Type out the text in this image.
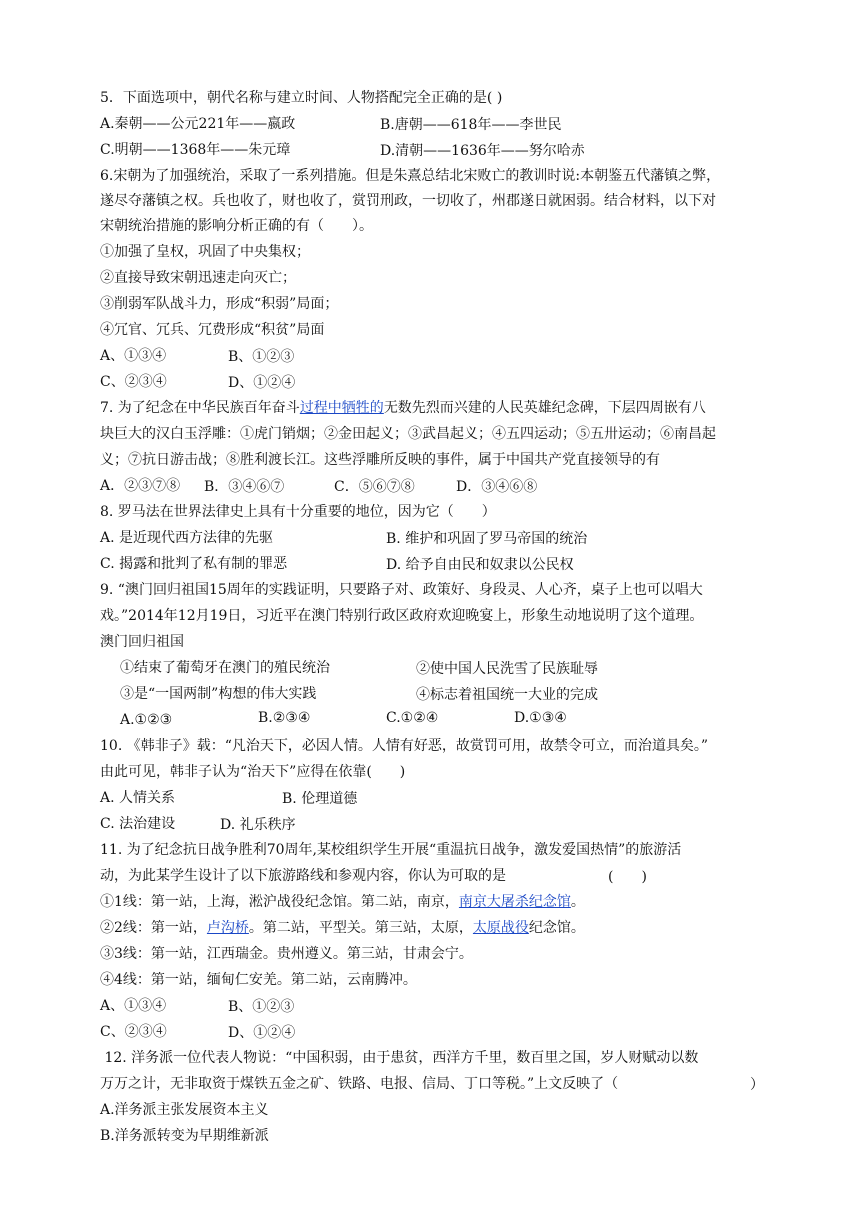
5．下面选项中，朝代名称与建立时间、人物搭配完全正确的是( )
A.秦朝——公元221年——嬴政	B.唐朝——618年——李世民
C.明朝——1368年——朱元璋	D.清朝——1636年——努尔哈赤
6.宋朝为了加强统治，采取了一系列措施。但是朱熹总结北宋败亡的教训时说:本朝鉴五代藩镇之弊，
遂尽夺藩镇之权。兵也收了，财也收了，赏罚刑政，一切收了，州郡遂日就困弱。结合材料，以下对
宋朝统治措施的影响分析正确的有（　　）。
①加强了皇权，巩固了中央集权；
②直接导致宋朝迅速走向灭亡；
③削弱军队战斗力，形成“积弱”局面；
④冗官、冗兵、冗费形成“积贫”局面
A、①③④	B、①②③
C、②③④	D、①②④
7. 为了纪念在中华民族百年奋斗过程中牺牲的无数先烈而兴建的人民英雄纪念碑，下层四周嵌有八
块巨大的汉白玉浮雕：①虎门销烟；②金田起义；③武昌起义；④五四运动；⑤五卅运动；⑥南昌起
义；⑦抗日游击战；⑧胜利渡长江。这些浮雕所反映的事件，属于中国共产党直接领导的有
A．②③⑦⑧ B．③④⑥⑦	C．⑤⑥⑦⑧	D．③④⑥⑧
8. 罗马法在世界法律史上具有十分重要的地位，因为它（　　）
A. 是近现代西方法律的先驱	B. 维护和巩固了罗马帝国的统治
C. 揭露和批判了私有制的罪恶	D. 给予自由民和奴隶以公民权
9. “澳门回归祖国15周年的实践证明，只要路子对、政策好、身段灵、人心齐，桌子上也可以唱大
戏。”2014年12月19日，习近平在澳门特别行政区政府欢迎晚宴上，形象生动地说明了这个道理。
澳门回归祖国
①结束了葡萄牙在澳门的殖民统治	②使中国人民洗雪了民族耻辱
③是“一国两制”构想的伟大实践	④标志着祖国统一大业的完成
A.①②③	B.②③④	C.①②④	D.①③④
10. 《韩非子》载：“凡治天下，必因人情。人情有好恶，故赏罚可用，故禁令可立，而治道具矣。”
由此可见，韩非子认为“治天下”应得在依靠(　　)
A. 人情关系	B. 伦理道德
C. 法治建设	D. 礼乐秩序
11. 为了纪念抗日战争胜利70周年,某校组织学生开展“重温抗日战争，激发爱国热情”的旅游活
动，为此某学生设计了以下旅游路线和参观内容，你认为可取的是	(　　)
①1线：第一站，上海，淞沪战役纪念馆。第二站，南京，南京大屠杀纪念馆。
②2线：第一站，卢沟桥。第二站，平型关。第三站，太原，太原战役纪念馆。
③3线：第一站，江西瑞金。贵州遵义。第三站，甘肃会宁。
④4线：第一站，缅甸仁安羌。第二站，云南腾冲。
A、①③④	B、①②③
C、②③④	D、①②④
12. 洋务派一位代表人物说：“中国积弱，由于患贫，西洋方千里，数百里之国，岁人财赋动以数
万万之计，无非取资于煤铁五金之矿、铁路、电报、信局、丁口等税。”上文反映了（	）
A.洋务派主张发展资本主义
B.洋务派转变为早期维新派
